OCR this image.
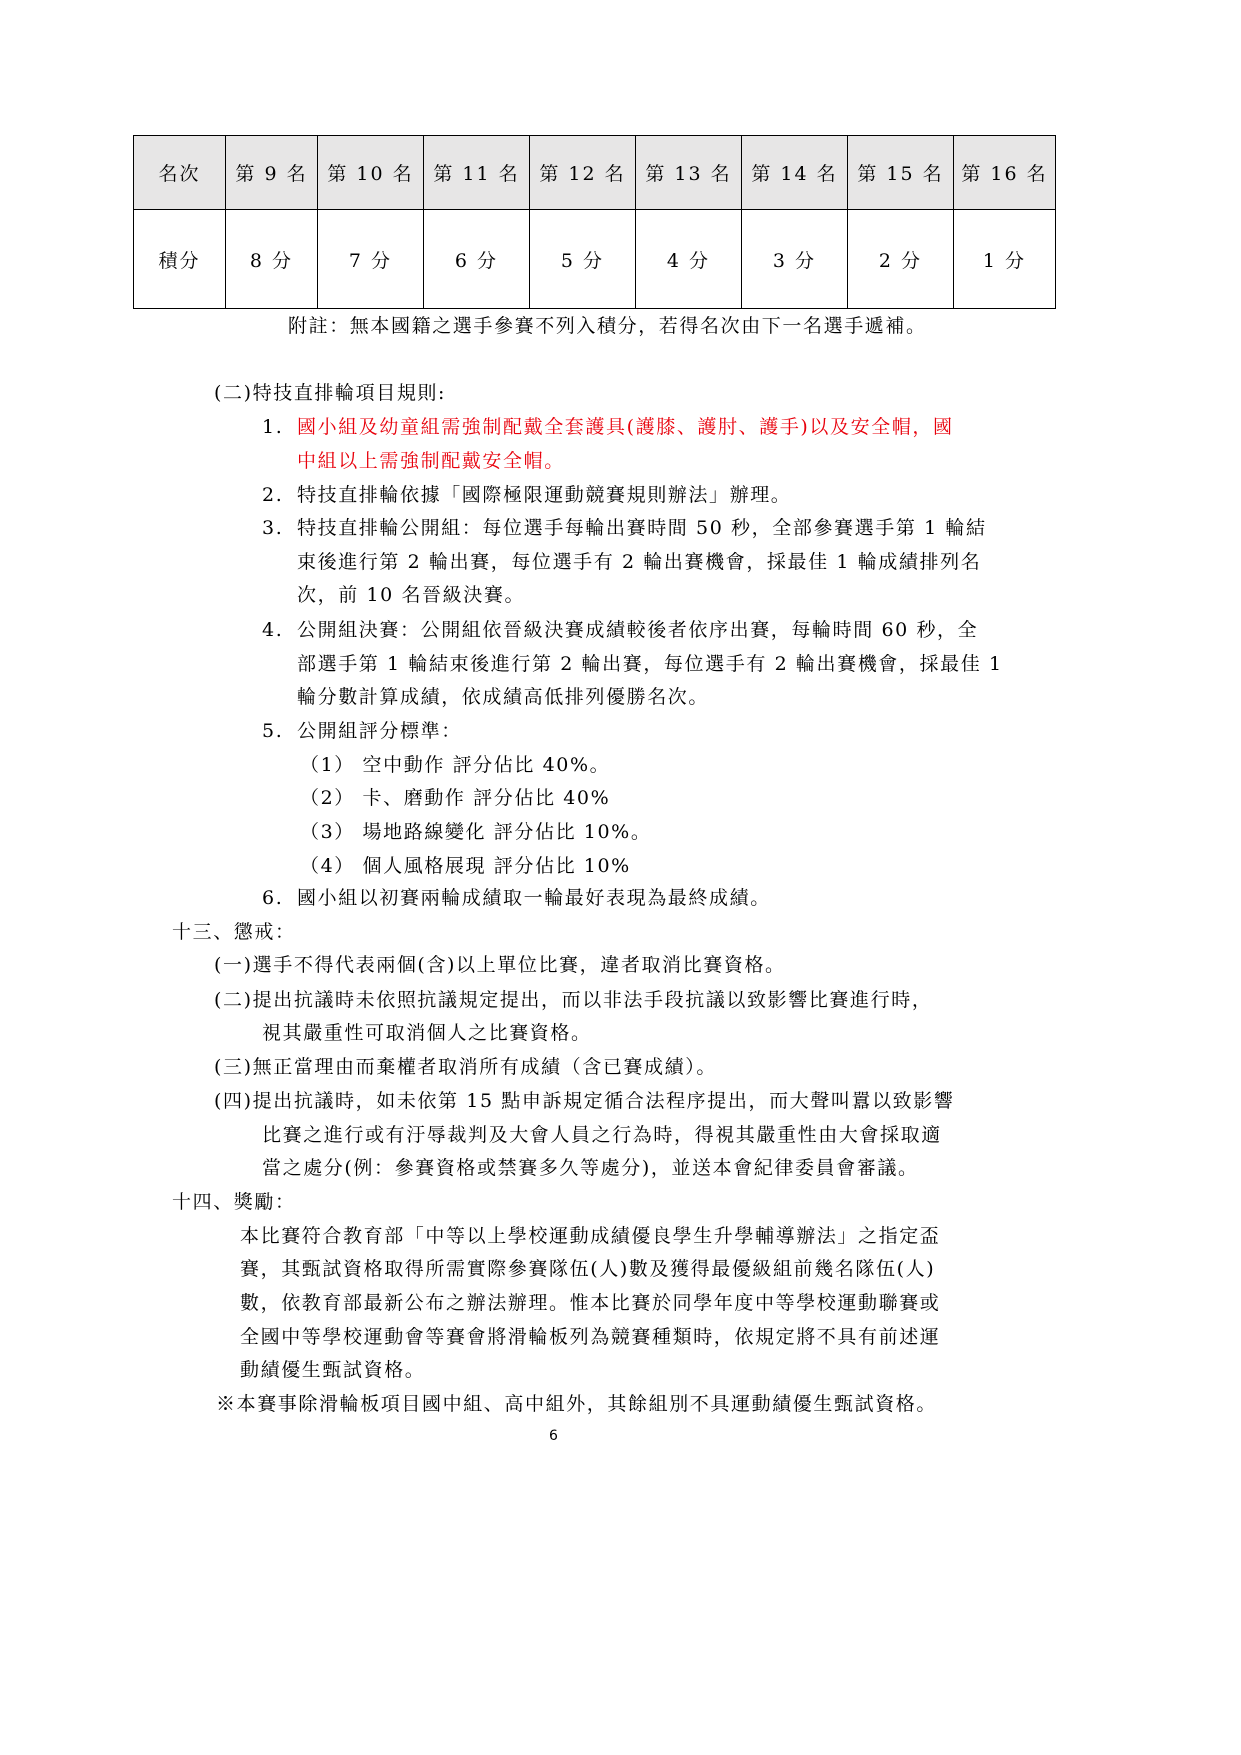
名次	第 9 名	第 10 名	第 11 名	第 12 名	第 13 名	第 14 名	第 15 名	第 16 名
積分	8 分	7 分	6 分	5 分	4 分	3 分	2 分	1 分
附註：無本國籍之選手參賽不列入積分，若得名次由下一名選手遞補。
(二)特技直排輪項目規則:
1. 國小組及幼童組需強制配戴全套護具(護膝、護肘、護手)以及安全帽，國
中組以上需強制配戴安全帽。
2. 特技直排輪依據「國際極限運動競賽規則辦法」辦理。
3. 特技直排輪公開組：每位選手每輪出賽時間 50 秒，全部參賽選手第 1 輪結
束後進行第 2 輪出賽，每位選手有 2 輪出賽機會，採最佳 1 輪成績排列名
次，前 10 名晉級決賽。
4. 公開組決賽：公開組依晉級決賽成績較後者依序出賽，每輪時間 60 秒，全
部選手第 1 輪結束後進行第 2 輪出賽，每位選手有 2 輪出賽機會，採最佳 1
輪分數計算成績，依成績高低排列優勝名次。
5. 公開組評分標準：
（1） 空中動作 評分佔比 40%。
（2） 卡、磨動作 評分佔比 40%
（3） 場地路線變化 評分佔比 10%。
（4） 個人風格展現 評分佔比 10%
6. 國小組以初賽兩輪成績取一輪最好表現為最終成績。
十三、懲戒：
(一)選手不得代表兩個(含)以上單位比賽，違者取消比賽資格。
(二)提出抗議時未依照抗議規定提出，而以非法手段抗議以致影響比賽進行時，
視其嚴重性可取消個人之比賽資格。
(三)無正當理由而棄權者取消所有成績（含已賽成績）。
(四)提出抗議時，如未依第 15 點申訴規定循合法程序提出，而大聲叫囂以致影響
比賽之進行或有汙辱裁判及大會人員之行為時，得視其嚴重性由大會採取適
當之處分(例：參賽資格或禁賽多久等處分)，並送本會紀律委員會審議。
十四、獎勵：
本比賽符合教育部「中等以上學校運動成績優良學生升學輔導辦法」之指定盃
賽，其甄試資格取得所需實際參賽隊伍(人)數及獲得最優級組前幾名隊伍(人)
數，依教育部最新公布之辦法辦理。惟本比賽於同學年度中等學校運動聯賽或
全國中等學校運動會等賽會將滑輪板列為競賽種類時，依規定將不具有前述運
動績優生甄試資格。
※本賽事除滑輪板項目國中組、高中組外，其餘組別不具運動績優生甄試資格。
6
